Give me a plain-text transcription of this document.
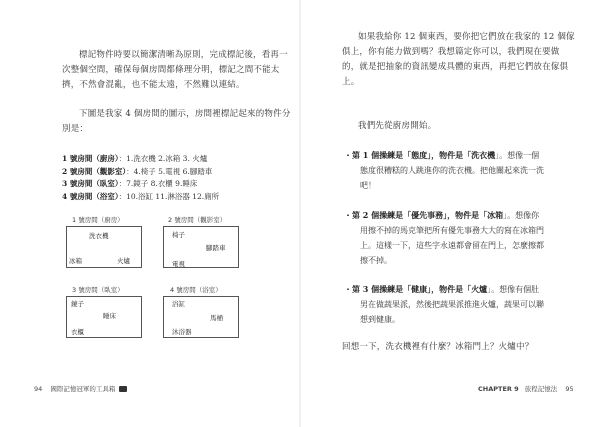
標記物件時要以簡潔清晰為原則，完成標記後，看再一
次整個空間，確保每個房間都條理分明，標記之間不能太
擠，不然會混亂，也不能太遠，不然難以連結。
下圖是我家 4 個房間的圖示，房間裡標記起來的物件分
別是：
1 號房間（廚房）：1.洗衣機 2.冰箱 3. 火爐
2 號房間（觀影室）：4.椅子 5.電視 6.腳踏車
3 號房間（臥室）：7.鏡子 8.衣櫃 9.睡床
4 號房間（浴室）：10.浴缸 11.淋浴器 12.廁所
1 號房間（廚房）
洗衣機
冰箱	火爐
2 號房間（觀影室）
椅子
腳踏車
電視
3 號房間（臥室）
鏡子
睡床
衣櫃
4 號房間（浴室）
浴缸
馬桶
沐浴器
94 國際記憶冠軍的工具箱
如果我給你 12 個東西，要你把它們放在我家的 12 個傢
俱上，你有能力做到嗎？我想篇定你可以，我們現在要做
的，就是把抽象的資訊變成具體的東西，再把它們放在傢俱
上。
我們先從廚房開始。
・第 1 個操練是「態度」，物件是「洗衣機」。想像一個
態度很糟糕的人跳進你的洗衣機。把他關起來洗一洗
吧！
・第 2 個操練是「優先事務」，物件是「冰箱」。想像你
用擦不掉的馬克筆把所有優先事務大大的寫在冰箱門
上。這樣一下，這些字永遠都會留在門上，怎麼擦都
擦不掉。
・第 3 個操練是「健康」，物件是「火爐」。想像有個肚
男在做蔬果派，然後把蔬果派推進火爐，蔬果可以聯
想到健康。
回想一下，洗衣機裡有什麼？冰箱門上？火爐中？
CHAPTER 9 旅程記憶法 95
